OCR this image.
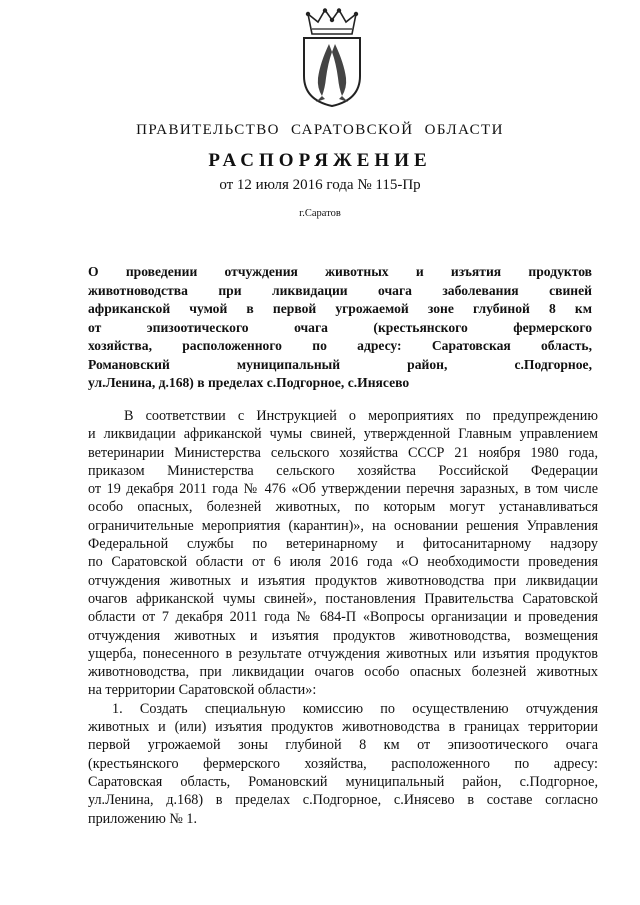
ПРАВИТЕЛЬСТВО САРАТОВСКОЙ ОБЛАСТИ
РАСПОРЯЖЕНИЕ
от 12 июля 2016 года № 115-Пр
г.Саратов
О проведении отчуждения животных и изъятия продуктов
животноводства при ликвидации очага заболевания свиней
африканской чумой в первой угрожаемой зоне глубиной 8 км
от эпизоотического очага (крестьянского фермерского
хозяйства, расположенного по адресу: Саратовская область,
Романовский муниципальный район, с.Подгорное,
ул.Ленина, д.168) в пределах с.Подгорное, с.Инясево
В соответствии с Инструкцией о мероприятиях по предупреждению
и ликвидации африканской чумы свиней, утвержденной Главным управлением
ветеринарии Министерства сельского хозяйства СССР 21 ноября 1980 года,
приказом Министерства сельского хозяйства Российской Федерации
от 19 декабря 2011 года № 476 «Об утверждении перечня заразных, в том числе
особо опасных, болезней животных, по которым могут устанавливаться
ограничительные мероприятия (карантин)», на основании решения Управления
Федеральной службы по ветеринарному и фитосанитарному надзору
по Саратовской области от 6 июля 2016 года «О необходимости проведения
отчуждения животных и изъятия продуктов животноводства при ликвидации
очагов африканской чумы свиней», постановления Правительства Саратовской
области от 7 декабря 2011 года № 684-П «Вопросы организации и проведения
отчуждения животных и изъятия продуктов животноводства, возмещения
ущерба, понесенного в результате отчуждения животных или изъятия продуктов
животноводства, при ликвидации очагов особо опасных болезней животных
на территории Саратовской области»:
1. Создать специальную комиссию по осуществлению отчуждения
животных и (или) изъятия продуктов животноводства в границах территории
первой угрожаемой зоны глубиной 8 км от эпизоотического очага
(крестьянского фермерского хозяйства, расположенного по адресу:
Саратовская область, Романовский муниципальный район, с.Подгорное,
ул.Ленина, д.168) в пределах с.Подгорное, с.Инясево в составе согласно
приложению № 1.
